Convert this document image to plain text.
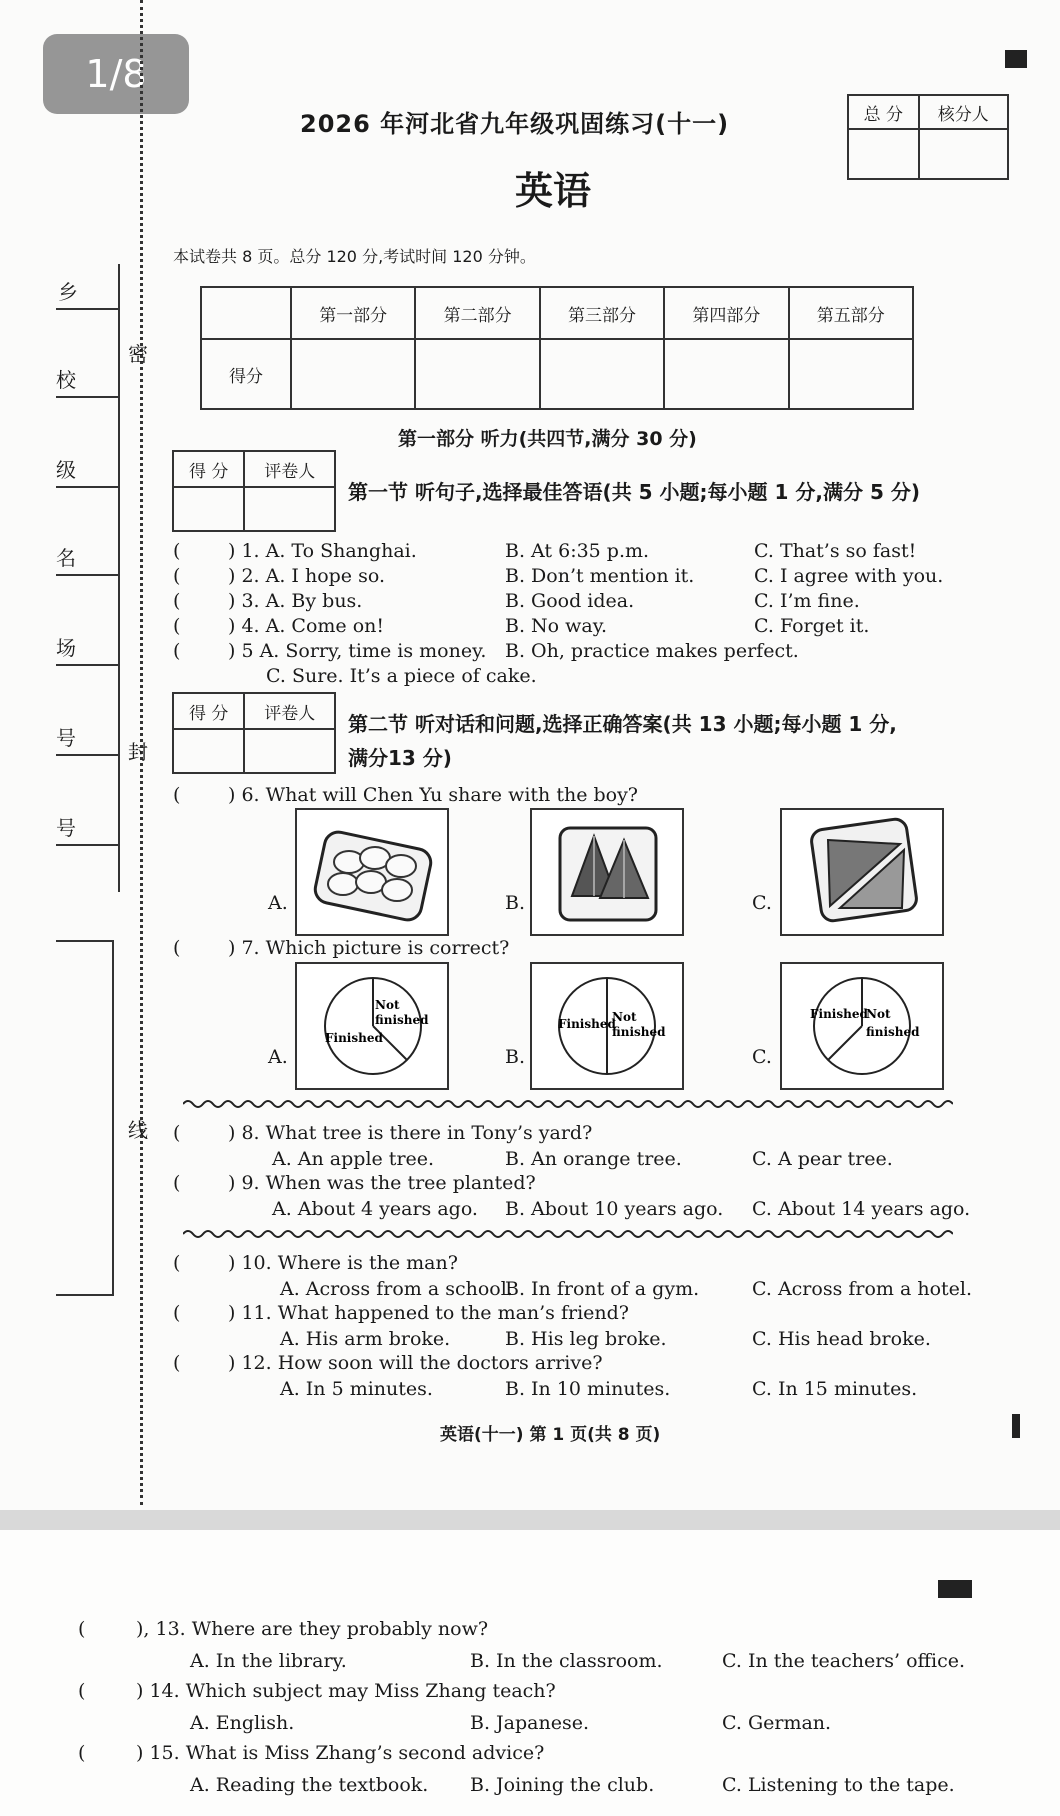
1/8
密
封
线
乡
校
级
名
场
号
号
2026 年河北省九年级巩固练习(十一)
英语
总 分	核分人

本试卷共 8 页。总分 120 分,考试时间 120 分钟。
	第一部分	第二部分	第三部分	第四部分	第五部分
得分					
第一部分 听力(共四节,满分 30 分)
得 分	评卷人

第一节 听句子,选择最佳答语(共 5 小题;每小题 1 分,满分 5 分)
(	) 1. A. To Shanghai.	B. At 6:35 p.m.	C. That’s so fast!
(	) 2. A. I hope so.	B. Don’t mention it.	C. I agree with you.
(	) 3. A. By bus.	B. Good idea.	C. I’m fine.
(	) 4. A. Come on!	B. No way.	C. Forget it.
(	) 5 A. Sorry, time is money. B. Oh, practice makes perfect.
C. Sure. It’s a piece of cake.
得 分	评卷人
	第二节 听对话和问题,选择正确答案(共 13 小题;每小题 1 分,
满分13 分)
(	) 6. What will Chen Yu share with the boy?
A.	B.	C.
(	) 7. Which picture is correct?
A.
Not
finished
Finished
B.
Finished
Not
finished
C.
Finished
Not
finished
(	) 8. What tree is there in Tony’s yard?
A. An apple tree.	B. An orange tree.	C. A pear tree.
(	) 9. When was the tree planted?
A. About 4 years ago. B. About 10 years ago. C. About 14 years ago.
(	) 10. Where is the man?
A. Across from a school.
B. In front of a gym.	C. Across from a hotel.
(	) 11. What happened to the man’s friend?
A. His arm broke.	B. His leg broke.	C. His head broke.
(	) 12. How soon will the doctors arrive?
A. In 5 minutes.	B. In 10 minutes.	C. In 15 minutes.
英语(十一) 第 1 页(共 8 页)
(	), 13. Where are they probably now?
A. In the library.	B. In the classroom.	C. In the teachers’ office.
(	) 14. Which subject may Miss Zhang teach?
A. English.	B. Japanese.	C. German.
(	) 15. What is Miss Zhang’s second advice?
A. Reading the textbook. B. Joining the club.	C. Listening to the tape.
